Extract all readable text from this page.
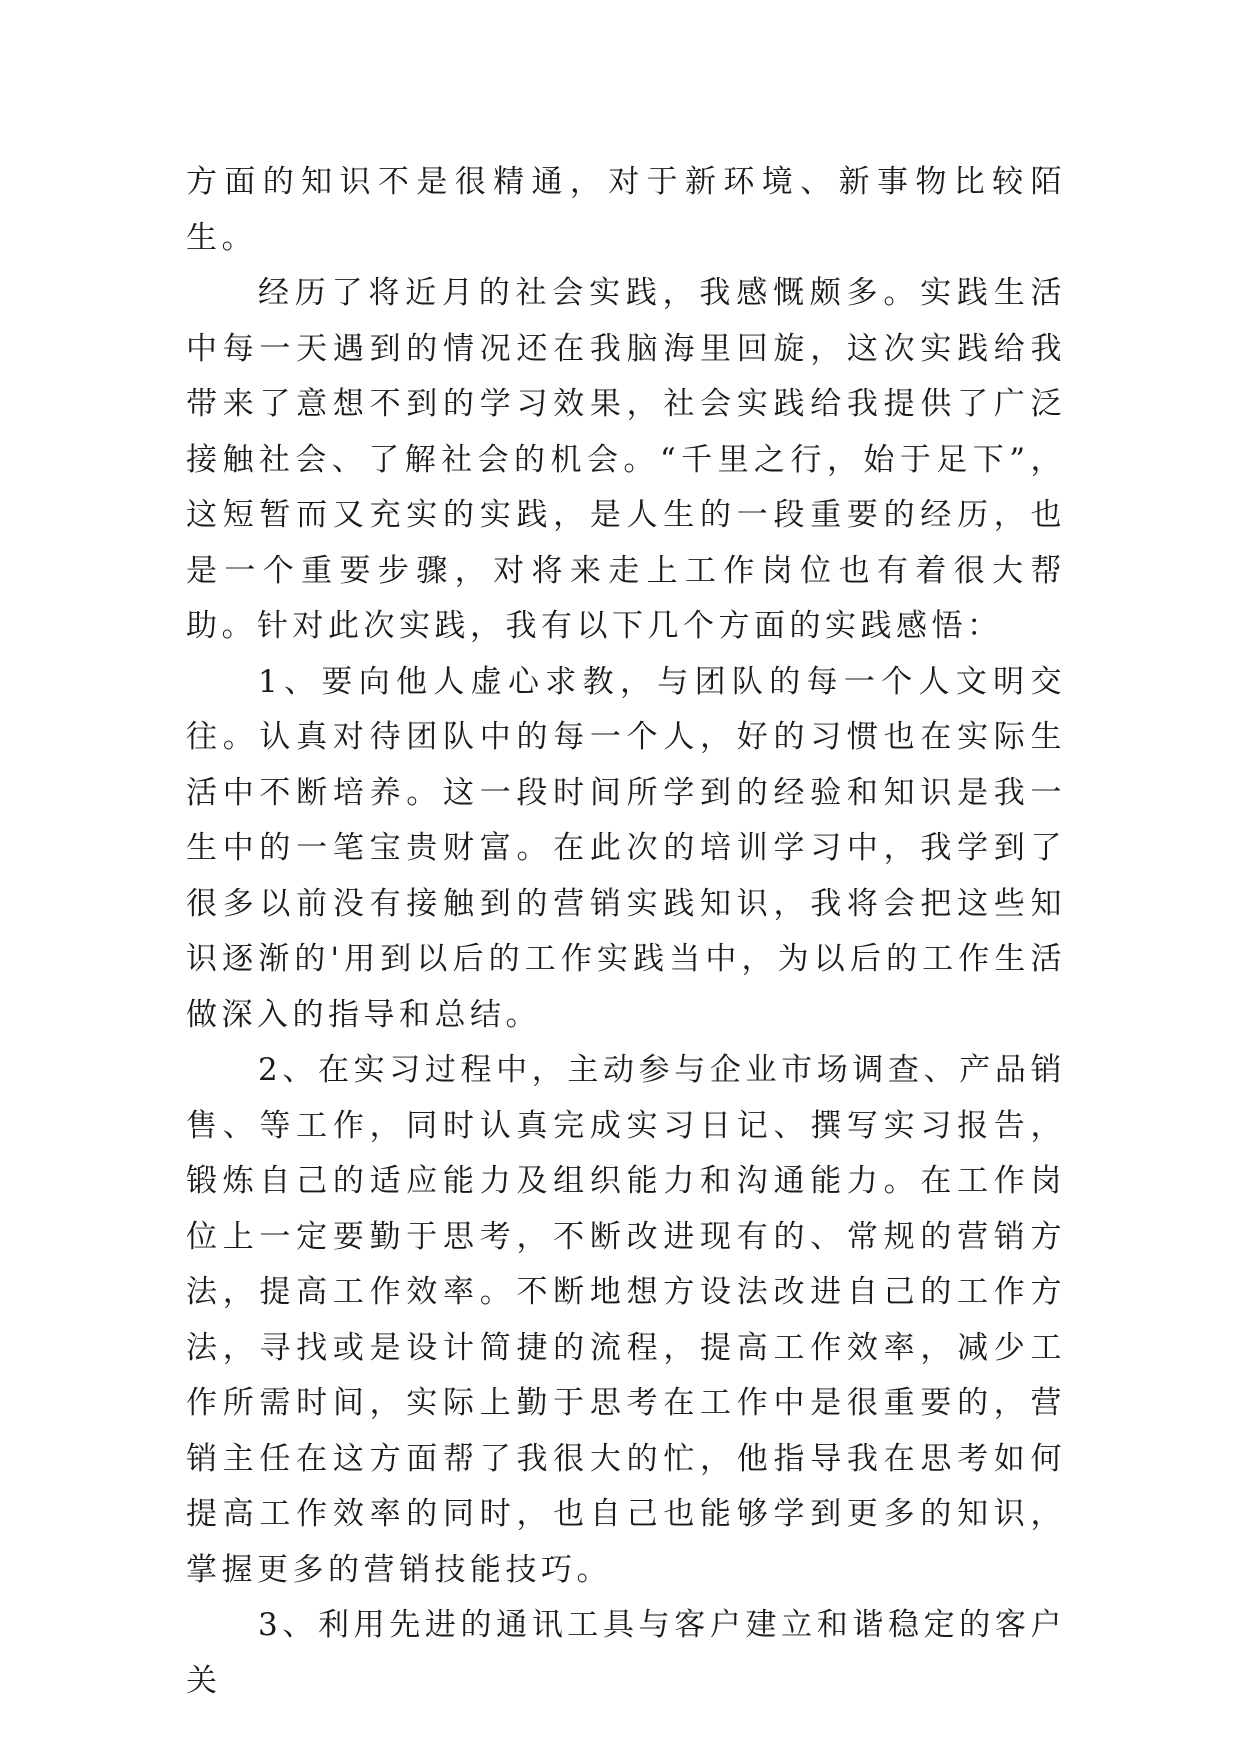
方面的知识不是很精通，对于新环境、新事物比较陌生。

经历了将近月的社会实践，我感慨颇多。实践生活中每一天遇到的情况还在我脑海里回旋，这次实践给我带来了意想不到的学习效果，社会实践给我提供了广泛接触社会、了解社会的机会。“千里之行，始于足下”，这短暂而又充实的实践，是人生的一段重要的经历，也是一个重要步骤，对将来走上工作岗位也有着很大帮助。针对此次实践，我有以下几个方面的实践感悟：

1、要向他人虚心求教，与团队的每一个人文明交往。认真对待团队中的每一个人，好的习惯也在实际生活中不断培养。这一段时间所学到的经验和知识是我一生中的一笔宝贵财富。在此次的培训学习中，我学到了很多以前没有接触到的营销实践知识，我将会把这些知识逐渐的'用到以后的工作实践当中，为以后的工作生活做深入的指导和总结。

2、在实习过程中，主动参与企业市场调查、产品销售、等工作，同时认真完成实习日记、撰写实习报告，锻炼自己的适应能力及组织能力和沟通能力。在工作岗位上一定要勤于思考，不断改进现有的、常规的营销方法，提高工作效率。不断地想方设法改进自己的工作方法，寻找或是设计简捷的流程，提高工作效率，减少工作所需时间，实际上勤于思考在工作中是很重要的，营销主任在这方面帮了我很大的忙，他指导我在思考如何提高工作效率的同时，也自己也能够学到更多的知识，掌握更多的营销技能技巧。

3、利用先进的通讯工具与客户建立和谐稳定的客户关
